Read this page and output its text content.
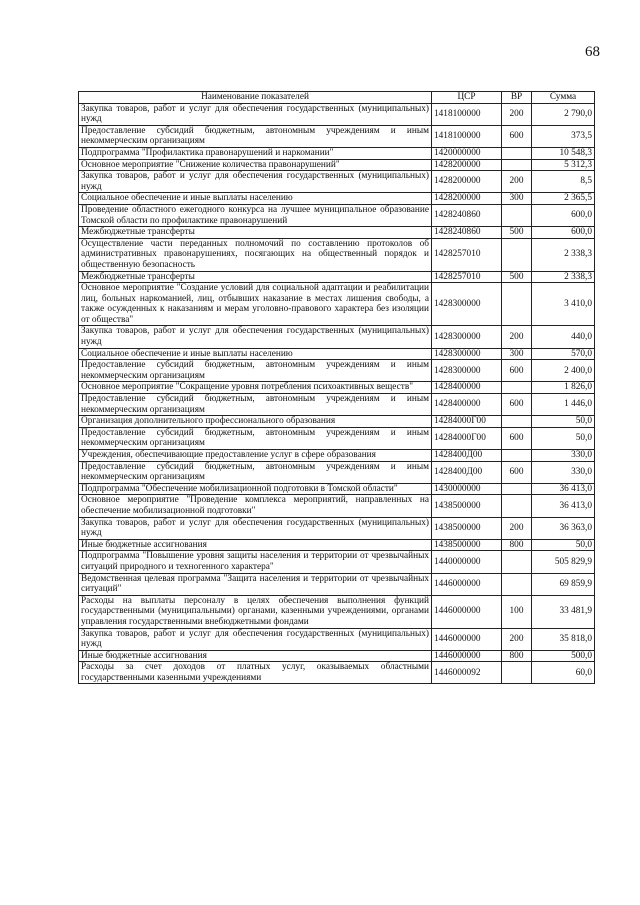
68
Наименование показателей	ЦСР	ВР	Сумма
Закупка товаров, работ и услуг для обеспечения государственных (муниципальных) нужд	1418100000	200	2 790,0
Предоставление субсидий бюджетным, автономным учреждениям и иным некоммерческим организациям	1418100000	600	373,5
Подпрограмма "Профилактика правонарушений и наркомании"	1420000000		10 548,3
Основное мероприятие "Снижение количества правонарушений"	1428200000		5 312,3
Закупка товаров, работ и услуг для обеспечения государственных (муниципальных) нужд	1428200000	200	8,5
Социальное обеспечение и иные выплаты населению	1428200000	300	2 365,5
Проведение областного ежегодного конкурса на лучшее муниципальное образование Томской области по профилактике правонарушений	1428240860		600,0
Межбюджетные трансферты	1428240860	500	600,0
Осуществление части переданных полномочий по составлению протоколов об административных правонарушениях, посягающих на общественный порядок и общественную безопасность	1428257010		2 338,3
Межбюджетные трансферты	1428257010	500	2 338,3
Основное мероприятие "Создание условий для социальной адаптации и реабилитации лиц, больных наркоманией, лиц, отбывших наказание в местах лишения свободы, а также осужденных к наказаниям и мерам уголовно-правового характера без изоляции от общества"	1428300000		3 410,0
Закупка товаров, работ и услуг для обеспечения государственных (муниципальных) нужд	1428300000	200	440,0
Социальное обеспечение и иные выплаты населению	1428300000	300	570,0
Предоставление субсидий бюджетным, автономным учреждениям и иным некоммерческим организациям	1428300000	600	2 400,0
Основное мероприятие "Сокращение уровня потребления психоактивных веществ"	1428400000		1 826,0
Предоставление субсидий бюджетным, автономным учреждениям и иным некоммерческим организациям	1428400000	600	1 446,0
Организация дополнительного профессионального образования	14284000Г00		50,0
Предоставление субсидий бюджетным, автономным учреждениям и иным некоммерческим организациям	14284000Г00	600	50,0
Учреждения, обеспечивающие предоставление услуг в сфере образования	1428400Д00		330,0
Предоставление субсидий бюджетным, автономным учреждениям и иным некоммерческим организациям	1428400Д00	600	330,0
Подпрограмма "Обеспечение мобилизационной подготовки в Томской области"	1430000000		36 413,0
Основное мероприятие "Проведение комплекса мероприятий, направленных на обеспечение мобилизационной подготовки"	1438500000		36 413,0
Закупка товаров, работ и услуг для обеспечения государственных (муниципальных) нужд	1438500000	200	36 363,0
Иные бюджетные ассигнования	1438500000	800	50,0
Подпрограмма "Повышение уровня защиты населения и территории от чрезвычайных ситуаций природного и техногенного характера"	1440000000		505 829,9
Ведомственная целевая программа "Защита населения и территории от чрезвычайных ситуаций"	1446000000		69 859,9
Расходы на выплаты персоналу в целях обеспечения выполнения функций государственными (муниципальными) органами, казенными учреждениями, органами управления государственными внебюджетными фондами	1446000000	100	33 481,9
Закупка товаров, работ и услуг для обеспечения государственных (муниципальных) нужд	1446000000	200	35 818,0
Иные бюджетные ассигнования	1446000000	800	500,0
Расходы за счет доходов от платных услуг, оказываемых областными государственными казенными учреждениями	1446000092		60,0
